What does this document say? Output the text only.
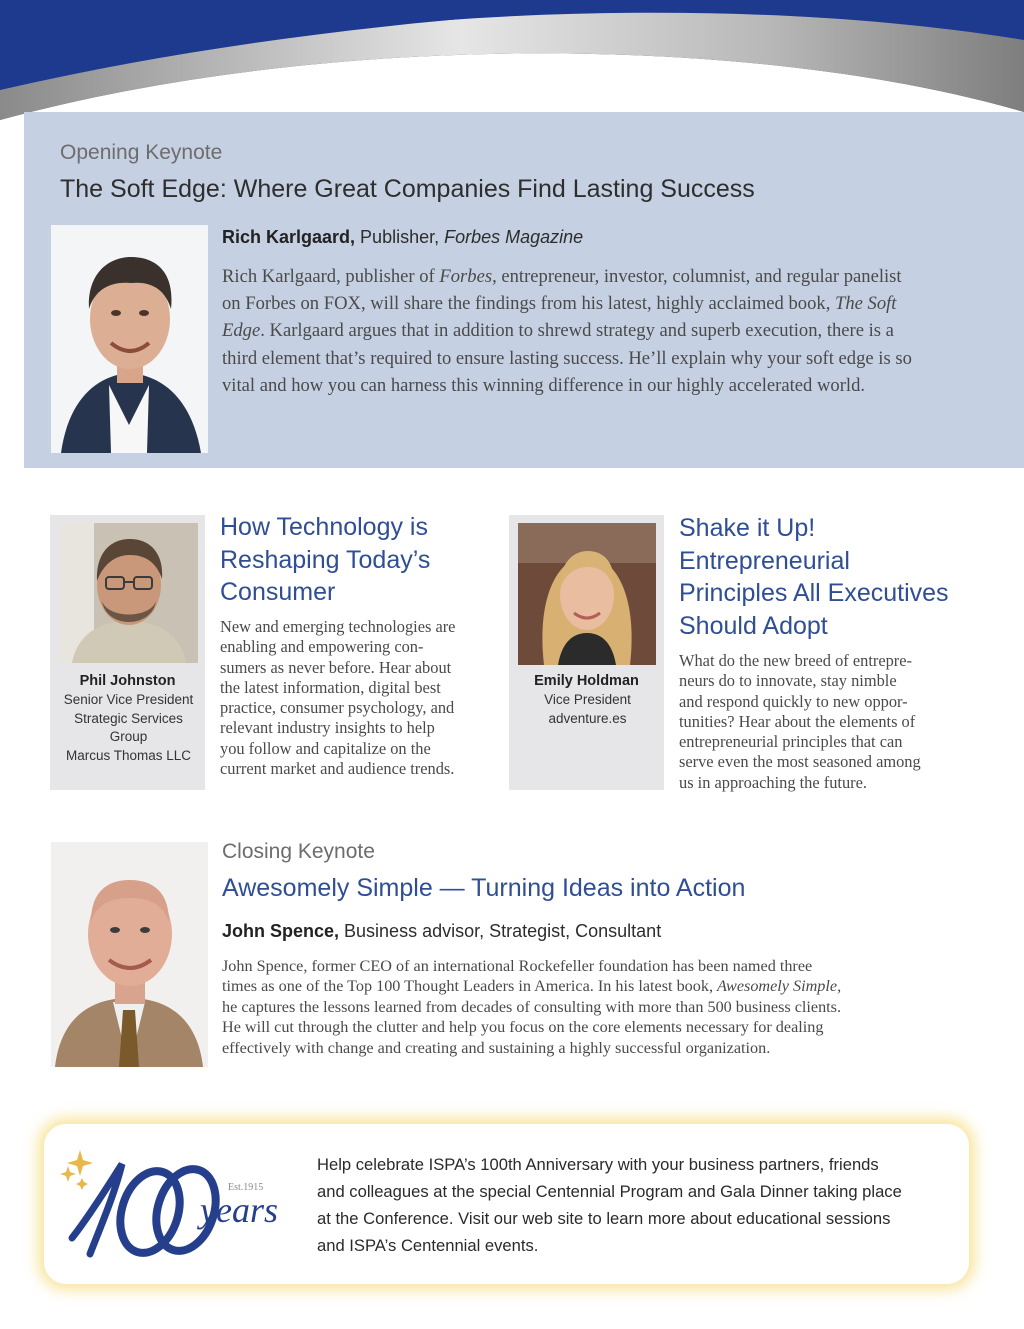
Opening Keynote
The Soft Edge: Where Great Companies Find Lasting Success
Rich Karlgaard, Publisher, Forbes Magazine
Rich Karlgaard, publisher of Forbes, entrepreneur, investor, columnist, and regular panelist on Forbes on FOX, will share the findings from his latest, highly acclaimed book, The Soft Edge. Karlgaard argues that in addition to shrewd strategy and superb execution, there is a third element that’s required to ensure lasting success. He’ll explain why your soft edge is so vital and how you can harness this winning difference in our highly accelerated world.
Phil Johnston
Senior Vice President
Strategic Services
Group
Marcus Thomas LLC
How Technology is
Reshaping Today’s
Consumer
New and emerging technologies are
enabling and empowering con-
sumers as never before. Hear about
the latest information, digital best
practice, consumer psychology, and
relevant industry insights to help
you follow and capitalize on the
current market and audience trends.
Emily Holdman
Vice President
adventure.es
Shake it Up!
Entrepreneurial
Principles All Executives
Should Adopt
What do the new breed of entrepre-
neurs do to innovate, stay nimble
and respond quickly to new oppor-
tunities? Hear about the elements of
entrepreneurial principles that can
serve even the most seasoned among
us in approaching the future.
Closing Keynote
Awesomely Simple — Turning Ideas into Action
John Spence, Business advisor, Strategist, Consultant
John Spence, former CEO of an international Rockefeller foundation has been named three
times as one of the Top 100 Thought Leaders in America. In his latest book, Awesomely Simple,
he captures the lessons learned from decades of consulting with more than 500 business clients.
He will cut through the clutter and help you focus on the core elements necessary for dealing
effectively with change and creating and sustaining a highly successful organization.
Est.1915
years
Help celebrate ISPA’s 100th Anniversary with your business partners, friends
and colleagues at the special Centennial Program and Gala Dinner taking place
at the Conference. Visit our web site to learn more about educational sessions
and ISPA’s Centennial events.
